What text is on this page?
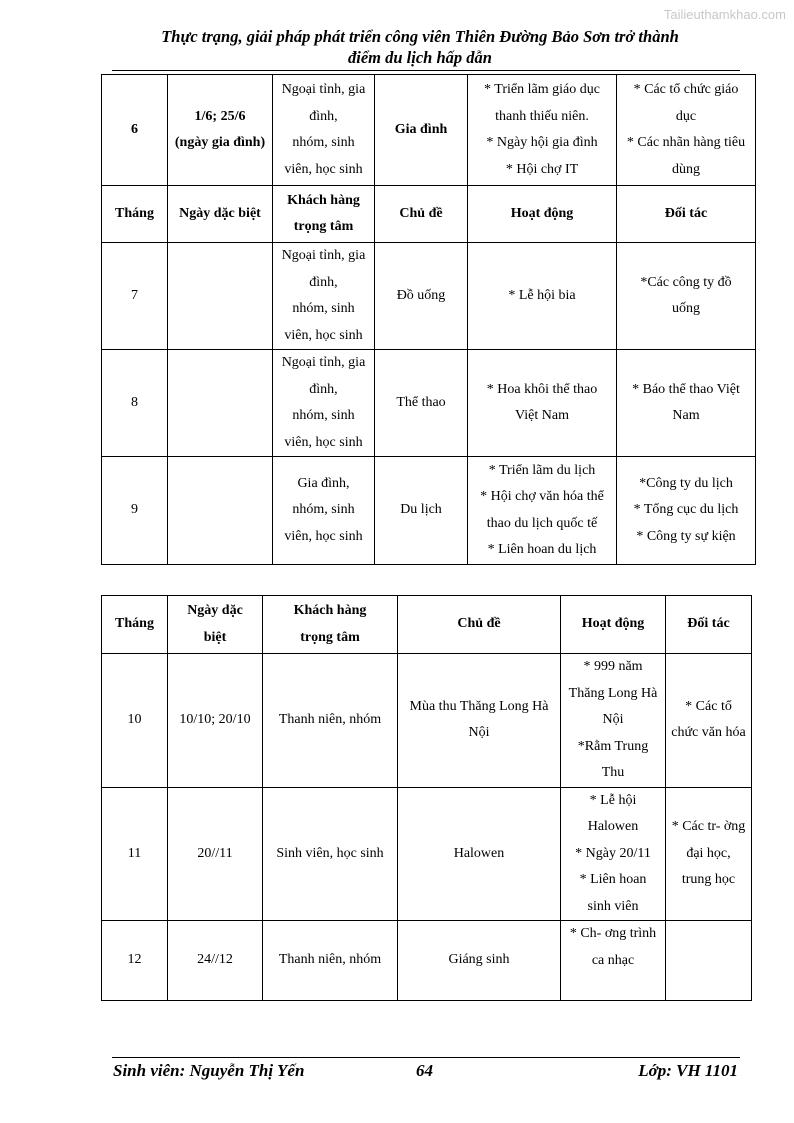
Tailieuthamkhao.com
Thực trạng, giải pháp phát triển công viên Thiên Đường Bảo Sơn trở thành
điểm du lịch hấp dẫn
6	1/6; 25/6
(ngày gia đình)	Ngoại tỉnh, gia
đình,
nhóm, sinh
viên, học sinh	Gia đình	* Triển lãm giáo dục
thanh thiếu niên.
* Ngày hội gia đình
* Hội chợ IT	* Các tổ chức giáo
dục
* Các nhãn hàng tiêu
dùng

Tháng	Ngày dặc biệt	Khách hàng
trọng tâm	Chủ đề	Hoạt động	Đối tác
7		Ngoại tỉnh, gia
đình,
nhóm, sinh
viên, học sinh	Đồ uống	* Lễ hội bia	*Các công ty đồ
uống

8		Ngoại tỉnh, gia
đình,
nhóm, sinh
viên, học sinh	Thể thao	* Hoa khôi thể thao
Việt Nam	* Báo thể thao Việt
Nam

9		Gia đình,
nhóm, sinh
viên, học sinh	Du lịch	* Triển lãm du lịch
* Hội chợ văn hóa thể
thao du lịch quốc tế
* Liên hoan du lịch	*Công ty du lịch
* Tổng cục du lịch
* Công ty sự kiện
Tháng	Ngày dặc
biệt	Khách hàng
trọng tâm	Chủ đề	Hoạt động	Đối tác
10	10/10; 20/10	Thanh niên, nhóm	Mùa thu Thăng Long Hà
Nội	* 999 năm
Thăng Long Hà
Nội
*Rằm Trung
Thu	* Các tổ
chức văn hóa

11	20//11	Sinh viên, học sinh	Halowen	* Lễ hội
Halowen
* Ngày 20/11
* Liên hoan
sinh viên	* Các tr- ờng
đại học,
trung học

12	24//12	Thanh niên, nhóm	Giáng sinh	* Ch- ơng trình
ca nhạc	

Sinh viên: Nguyễn Thị Yến	64	Lớp: VH 1101
